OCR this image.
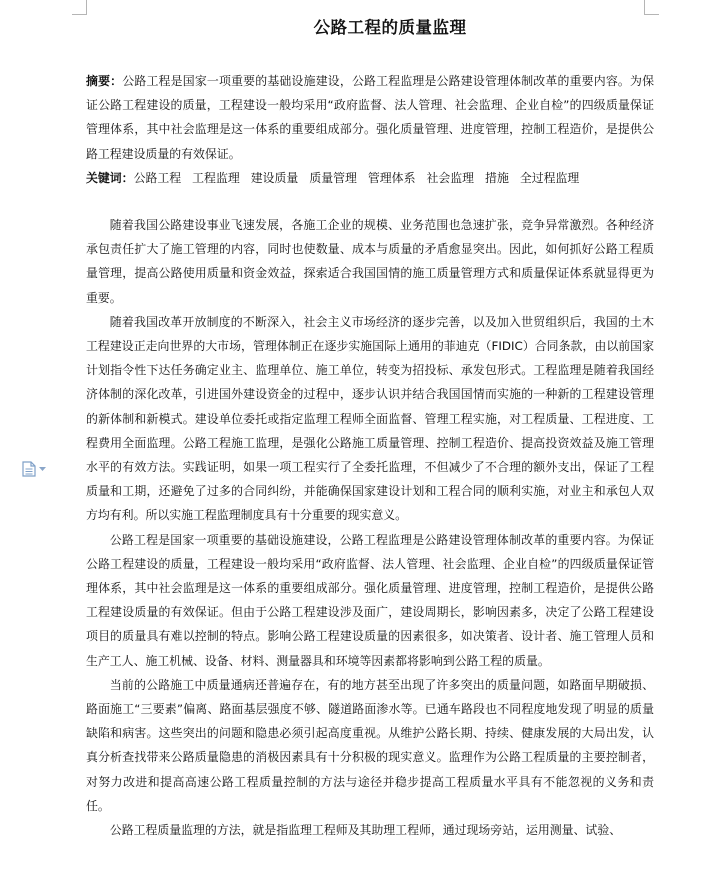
公路工程的质量监理

摘要：公路工程是国家一项重要的基础设施建设，公路工程监理是公路建设管理体制改革的重要内容。为保证公路工程建设的质量，工程建设一般均采用“政府监督、法人管理、社会监理、企业自检”的四级质量保证管理体系，其中社会监理是这一体系的重要组成部分。强化质量管理、进度管理，控制工程造价，是提供公路工程建设质量的有效保证。

关键词：公路工程 工程监理 建设质量 质量管理 管理体系 社会监理 措施 全过程监理

随着我国公路建设事业飞速发展，各施工企业的规模、业务范围也急速扩张，竞争异常激烈。各种经济承包责任扩大了施工管理的内容，同时也使数量、成本与质量的矛盾愈显突出。因此，如何抓好公路工程质量管理，提高公路使用质量和资金效益，探索适合我国国情的施工质量管理方式和质量保证体系就显得更为重要。

随着我国改革开放制度的不断深入，社会主义市场经济的逐步完善，以及加入世贸组织后，我国的土木工程建设正走向世界的大市场，管理体制正在逐步实施国际上通用的菲迪克（FIDIC）合同条款，由以前国家计划指令性下达任务确定业主、监理单位、施工单位，转变为招投标、承发包形式。工程监理是随着我国经济体制的深化改革，引进国外建设资金的过程中，逐步认识并结合我国国情而实施的一种新的工程建设管理的新体制和新模式。建设单位委托或指定监理工程师全面监督、管理工程实施，对工程质量、工程进度、工程费用全面监理。公路工程施工监理，是强化公路施工质量管理、控制工程造价、提高投资效益及施工管理水平的有效方法。实践证明，如果一项工程实行了全委托监理，不但减少了不合理的额外支出，保证了工程质量和工期，还避免了过多的合同纠纷，并能确保国家建设计划和工程合同的顺利实施，对业主和承包人双方均有利。所以实施工程监理制度具有十分重要的现实意义。

公路工程是国家一项重要的基础设施建设，公路工程监理是公路建设管理体制改革的重要内容。为保证公路工程建设的质量，工程建设一般均采用“政府监督、法人管理、社会监理、企业自检”的四级质量保证管理体系，其中社会监理是这一体系的重要组成部分。强化质量管理、进度管理，控制工程造价，是提供公路工程建设质量的有效保证。但由于公路工程建设涉及面广，建设周期长，影响因素多，决定了公路工程建设项目的质量具有难以控制的特点。影响公路工程建设质量的因素很多，如决策者、设计者、施工管理人员和生产工人、施工机械、设备、材料、测量器具和环境等因素都将影响到公路工程的质量。

当前的公路施工中质量通病还普遍存在，有的地方甚至出现了许多突出的质量问题，如路面早期破损、路面施工“三要素”偏离、路面基层强度不够、隧道路面渗水等。已通车路段也不同程度地发现了明显的质量缺陷和病害。这些突出的问题和隐患必须引起高度重视。从维护公路长期、持续、健康发展的大局出发，认真分析查找带来公路质量隐患的消极因素具有十分积极的现实意义。监理作为公路工程质量的主要控制者，对努力改进和提高高速公路工程质量控制的方法与途径并稳步提高工程质量水平具有不能忽视的义务和责任。

公路工程质量监理的方法，就是指监理工程师及其助理工程师，通过现场旁站，运用测量、试验、
